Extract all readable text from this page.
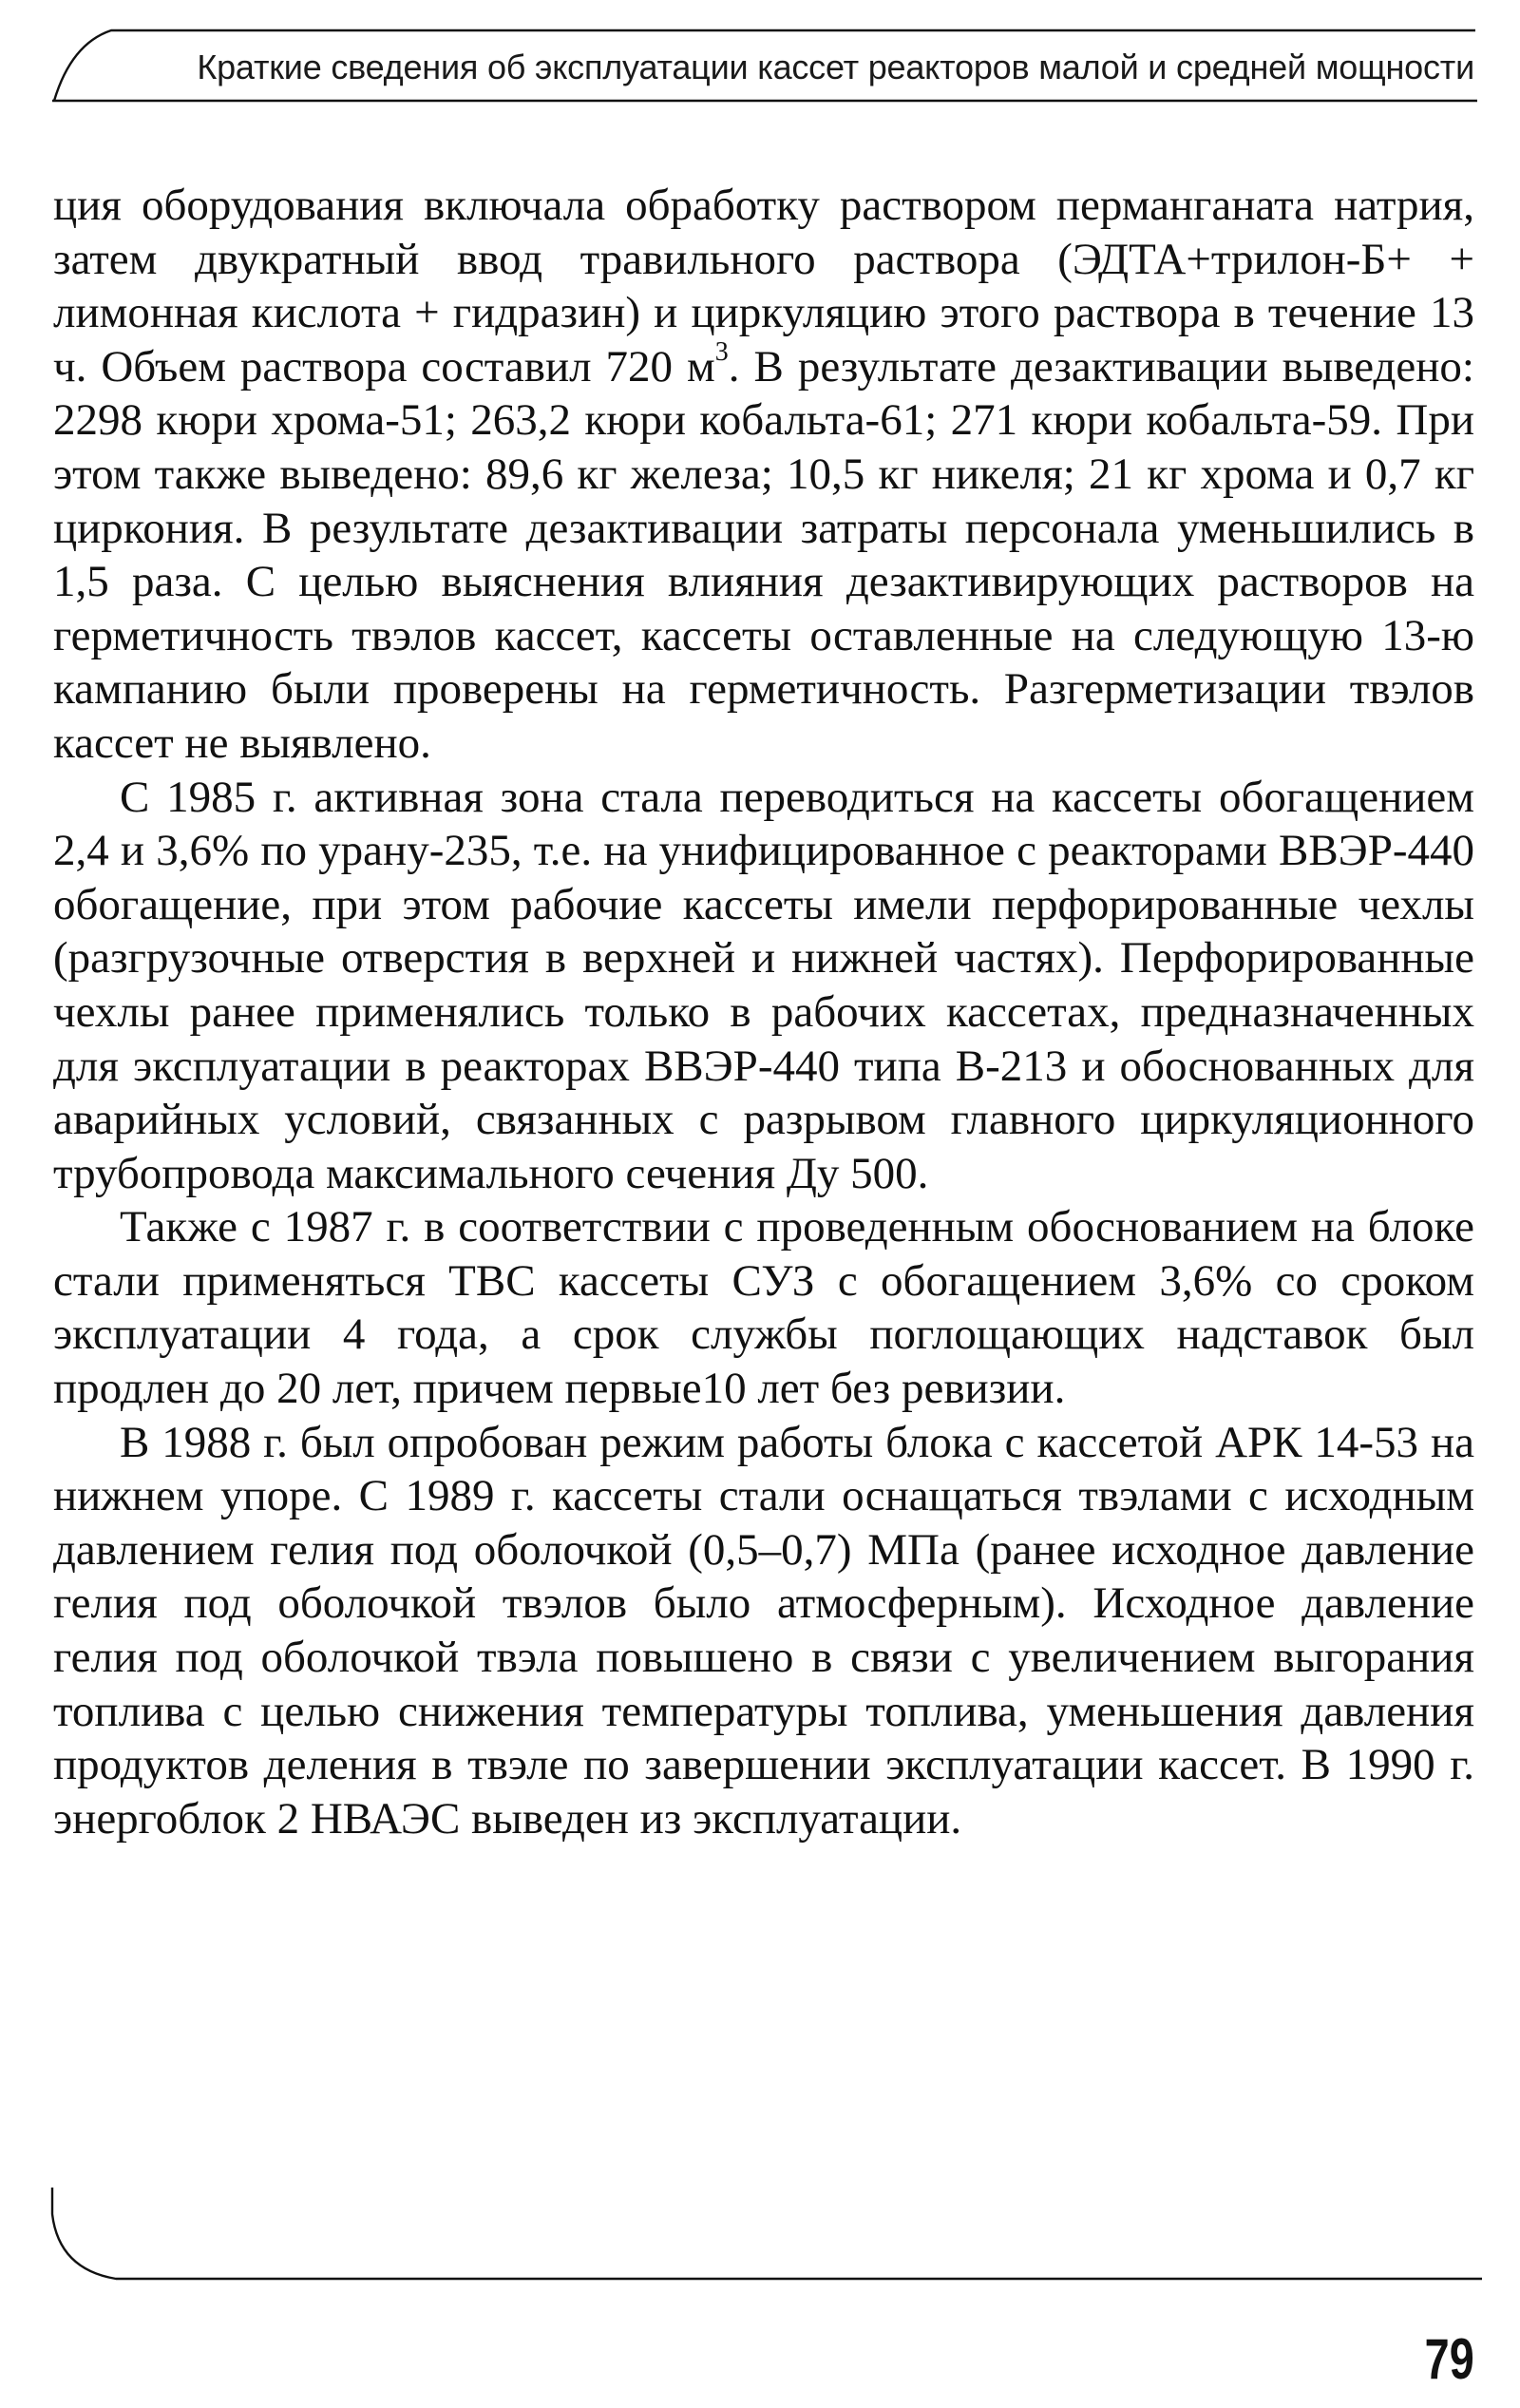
Краткие сведения об эксплуатации кассет реакторов малой и средней мощности

ция оборудования включала обработку раствором перманганата натрия, затем двукратный ввод травильного раствора (ЭДТА+трилон-Б+ + лимонная кислота + гидразин) и циркуляцию этого раствора в течение 13 ч. Объем раствора составил 720 $м^3$. В результате дезактивации выведено: 2298 кюри хрома-51; 263,2 кюри кобальта-61; 271 кюри кобальта-59. При этом также выведено: 89,6 кг железа; 10,5 кг никеля; 21 кг хрома и 0,7 кг циркония. В результате дезактивации затраты персонала уменьшились в 1,5 раза. С целью выяснения влияния дезактивирующих растворов на герметичность твэлов кассет, кассеты оставленные на следующую 13-ю кампанию были проверены на герметичность. Разгерметизации твэлов кассет не выявлено.

С 1985 г. активная зона стала переводиться на кассеты обогащением 2,4 и 3,6% по урану-235, т.е. на унифицированное с реакторами ВВЭР-440 обогащение, при этом рабочие кассеты имели перфорированные чехлы (разгрузочные отверстия в верхней и нижней частях). Перфорированные чехлы ранее применялись только в рабочих кассетах, предназначенных для эксплуатации в реакторах ВВЭР-440 типа В-213 и обоснованных для аварийных условий, связанных с разрывом главного циркуляционного трубопровода максимального сечения Ду 500.

Также с 1987 г. в соответствии с проведенным обоснованием на блоке стали применяться ТВС кассеты СУЗ с обогащением 3,6% со сроком эксплуатации 4 года, а срок службы поглощающих надставок был продлен до 20 лет, причем первые10 лет без ревизии.

В 1988 г. был опробован режим работы блока с кассетой АРК 14-53 на нижнем упоре. С 1989 г. кассеты стали оснащаться твэлами с исходным давлением гелия под оболочкой (0,5–0,7) МПа (ранее исходное давление гелия под оболочкой твэлов было атмосферным). Исходное давление гелия под оболочкой твэла повышено в связи с увеличением выгорания топлива с целью снижения температуры топлива, уменьшения давления продуктов деления в твэле по завершении эксплуатации кассет. В 1990 г. энергоблок 2 НВАЭС выведен из эксплуатации.

79
